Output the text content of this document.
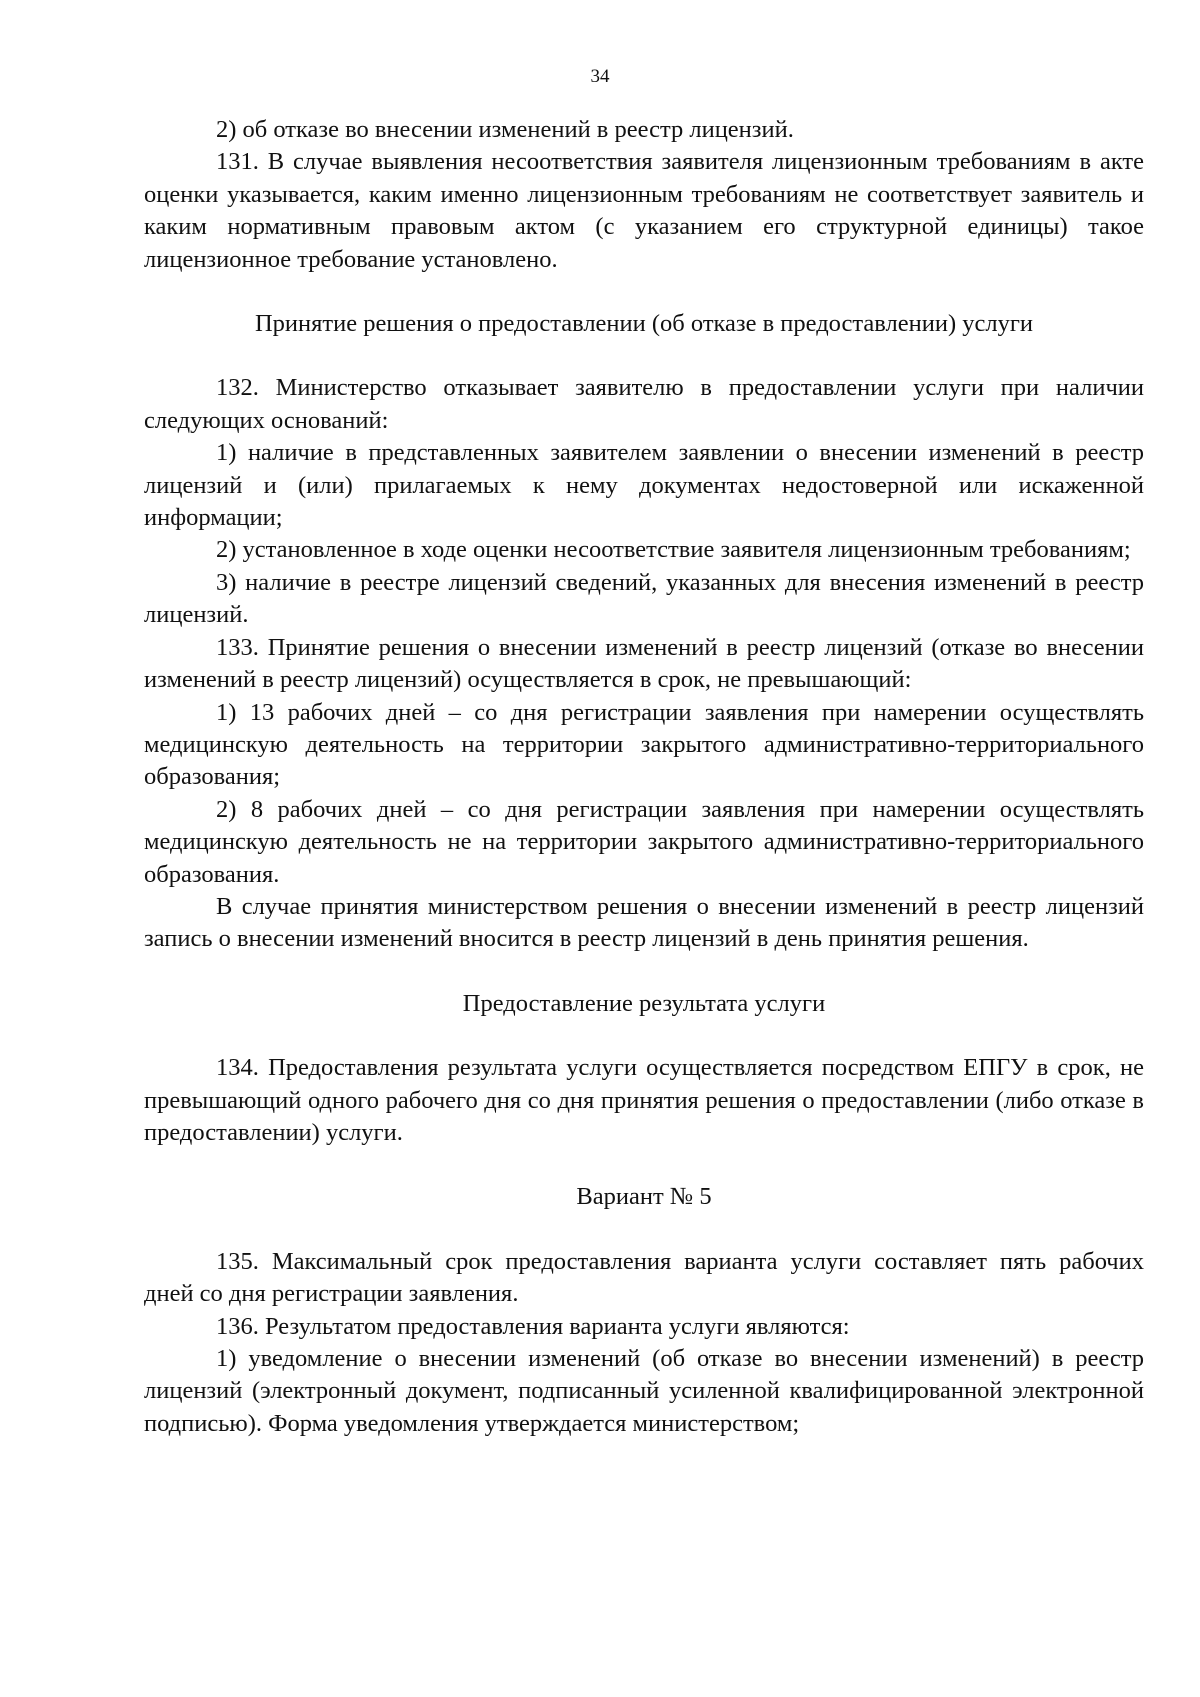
34

2) об отказе во внесении изменений в реестр лицензий.

131. В случае выявления несоответствия заявителя лицензионным требованиям в акте оценки указывается, каким именно лицензионным требованиям не соответствует заявитель и каким нормативным правовым актом (с указанием его структурной единицы) такое лицензионное требование установлено.

Принятие решения о предоставлении (об отказе в предоставлении) услуги

132. Министерство отказывает заявителю в предоставлении услуги при наличии следующих оснований:

1) наличие в представленных заявителем заявлении о внесении изменений в реестр лицензий и (или) прилагаемых к нему документах недостоверной или искаженной информации;

2) установленное в ходе оценки несоответствие заявителя лицензионным требованиям;

3) наличие в реестре лицензий сведений, указанных для внесения изменений в реестр лицензий.

133. Принятие решения о внесении изменений в реестр лицензий (отказе во внесении изменений в реестр лицензий) осуществляется в срок, не превышающий:

1) 13 рабочих дней – со дня регистрации заявления при намерении осуществлять медицинскую деятельность на территории закрытого административно-территориального образования;

2) 8 рабочих дней – со дня регистрации заявления при намерении осуществлять медицинскую деятельность не на территории закрытого административно-территориального образования.

В случае принятия министерством решения о внесении изменений в реестр лицензий запись о внесении изменений вносится в реестр лицензий в день принятия решения.

Предоставление результата услуги

134. Предоставления результата услуги осуществляется посредством ЕПГУ в срок, не превышающий одного рабочего дня со дня принятия решения о предоставлении (либо отказе в предоставлении) услуги.

Вариант № 5

135. Максимальный срок предоставления варианта услуги составляет пять рабочих дней со дня регистрации заявления.

136. Результатом предоставления варианта услуги являются:

1) уведомление о внесении изменений (об отказе во внесении изменений) в реестр лицензий (электронный документ, подписанный усиленной квалифицированной электронной подписью). Форма уведомления утверждается министерством;
